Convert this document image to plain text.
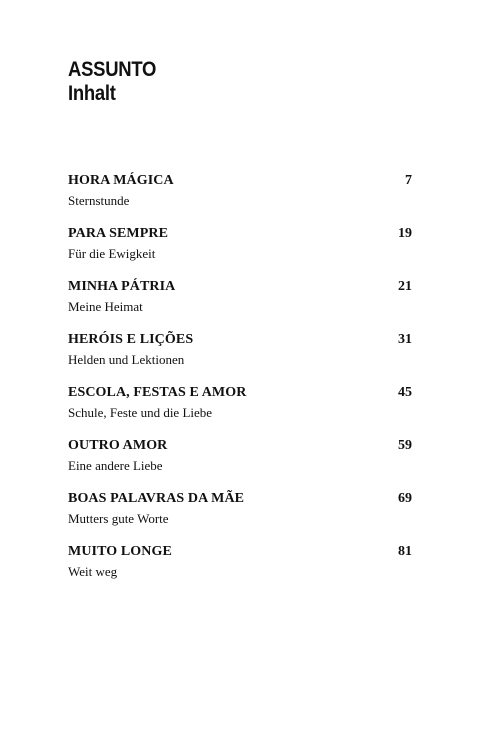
ASSUNTO
Inhalt
HORA MÁGICA	7
Sternstunde
PARA SEMPRE	19
Für die Ewigkeit
MINHA PÁTRIA	21
Meine Heimat
HERÓIS E LIÇÕES	31
Helden und Lektionen
ESCOLA, FESTAS E AMOR	45
Schule, Feste und die Liebe
OUTRO AMOR	59
Eine andere Liebe
BOAS PALAVRAS DA MÃE	69
Mutters gute Worte
MUITO LONGE	81
Weit weg
